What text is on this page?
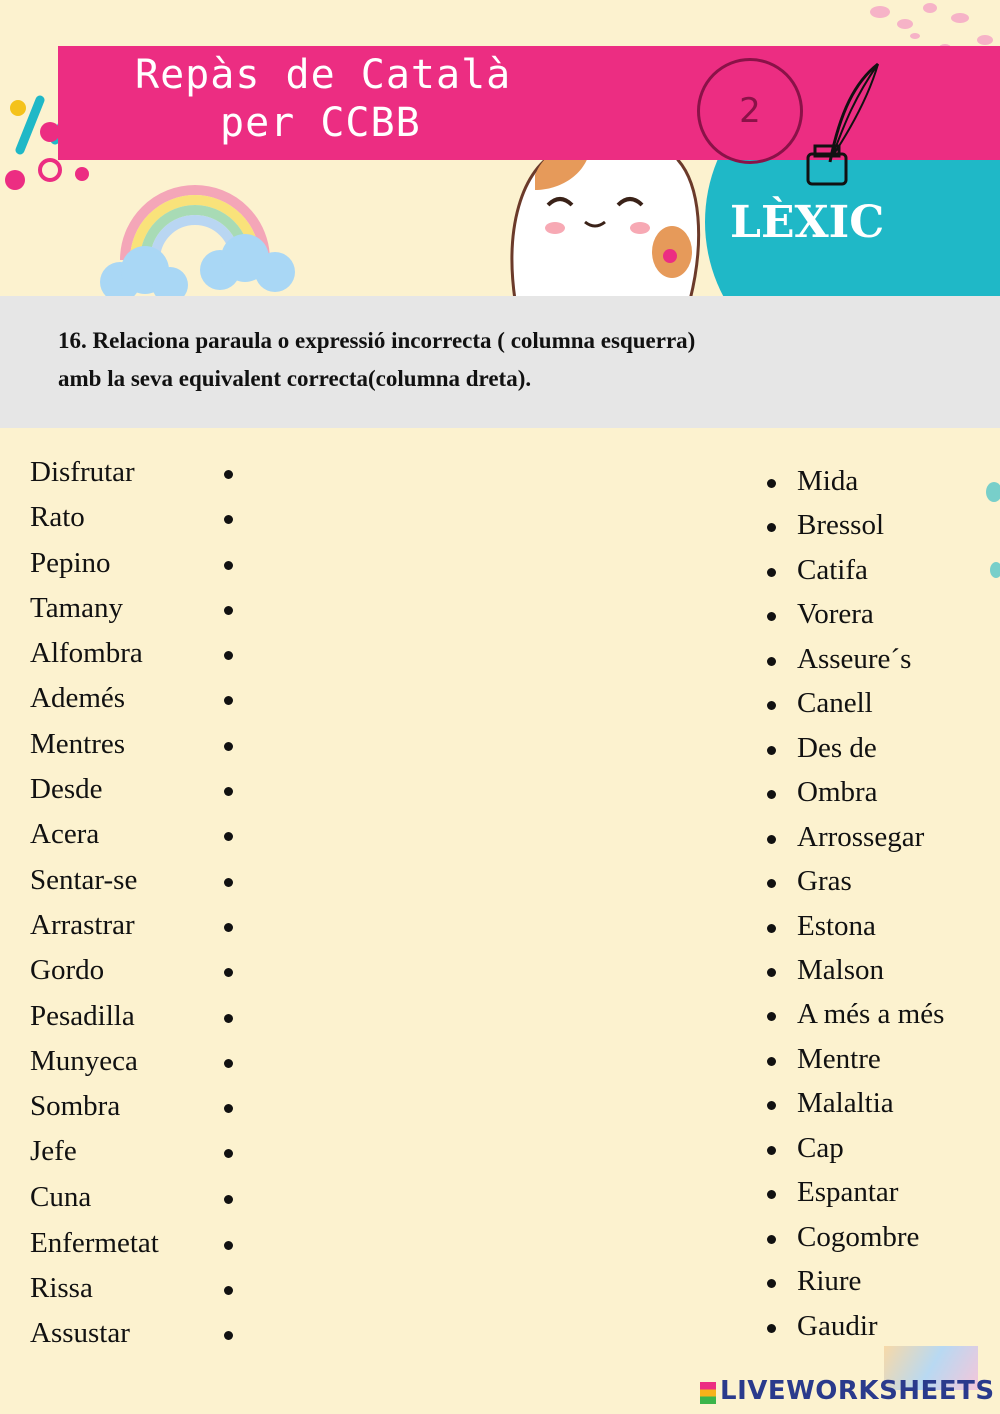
Repàs de Català
per CCBB	2
LÈXIC
16. Relaciona paraula o expressió incorrecta ( columna esquerra)
amb la seva equivalent correcta(columna dreta).
Disfrutar
Rato
Pepino
Tamany
Alfombra
Ademés
Mentres
Desde
Acera
Sentar-se
Arrastrar
Gordo
Pesadilla
Munyeca
Sombra
Jefe
Cuna
Enfermetat
Rissa
Assustar
Mida
Bressol
Catifa
Vorera
Asseure´s
Canell
Des de
Ombra
Arrossegar
Gras
Estona
Malson
A més a més
Mentre
Malaltia
Cap
Espantar
Cogombre
Riure
Gaudir
LIVEWORKSHEETS
